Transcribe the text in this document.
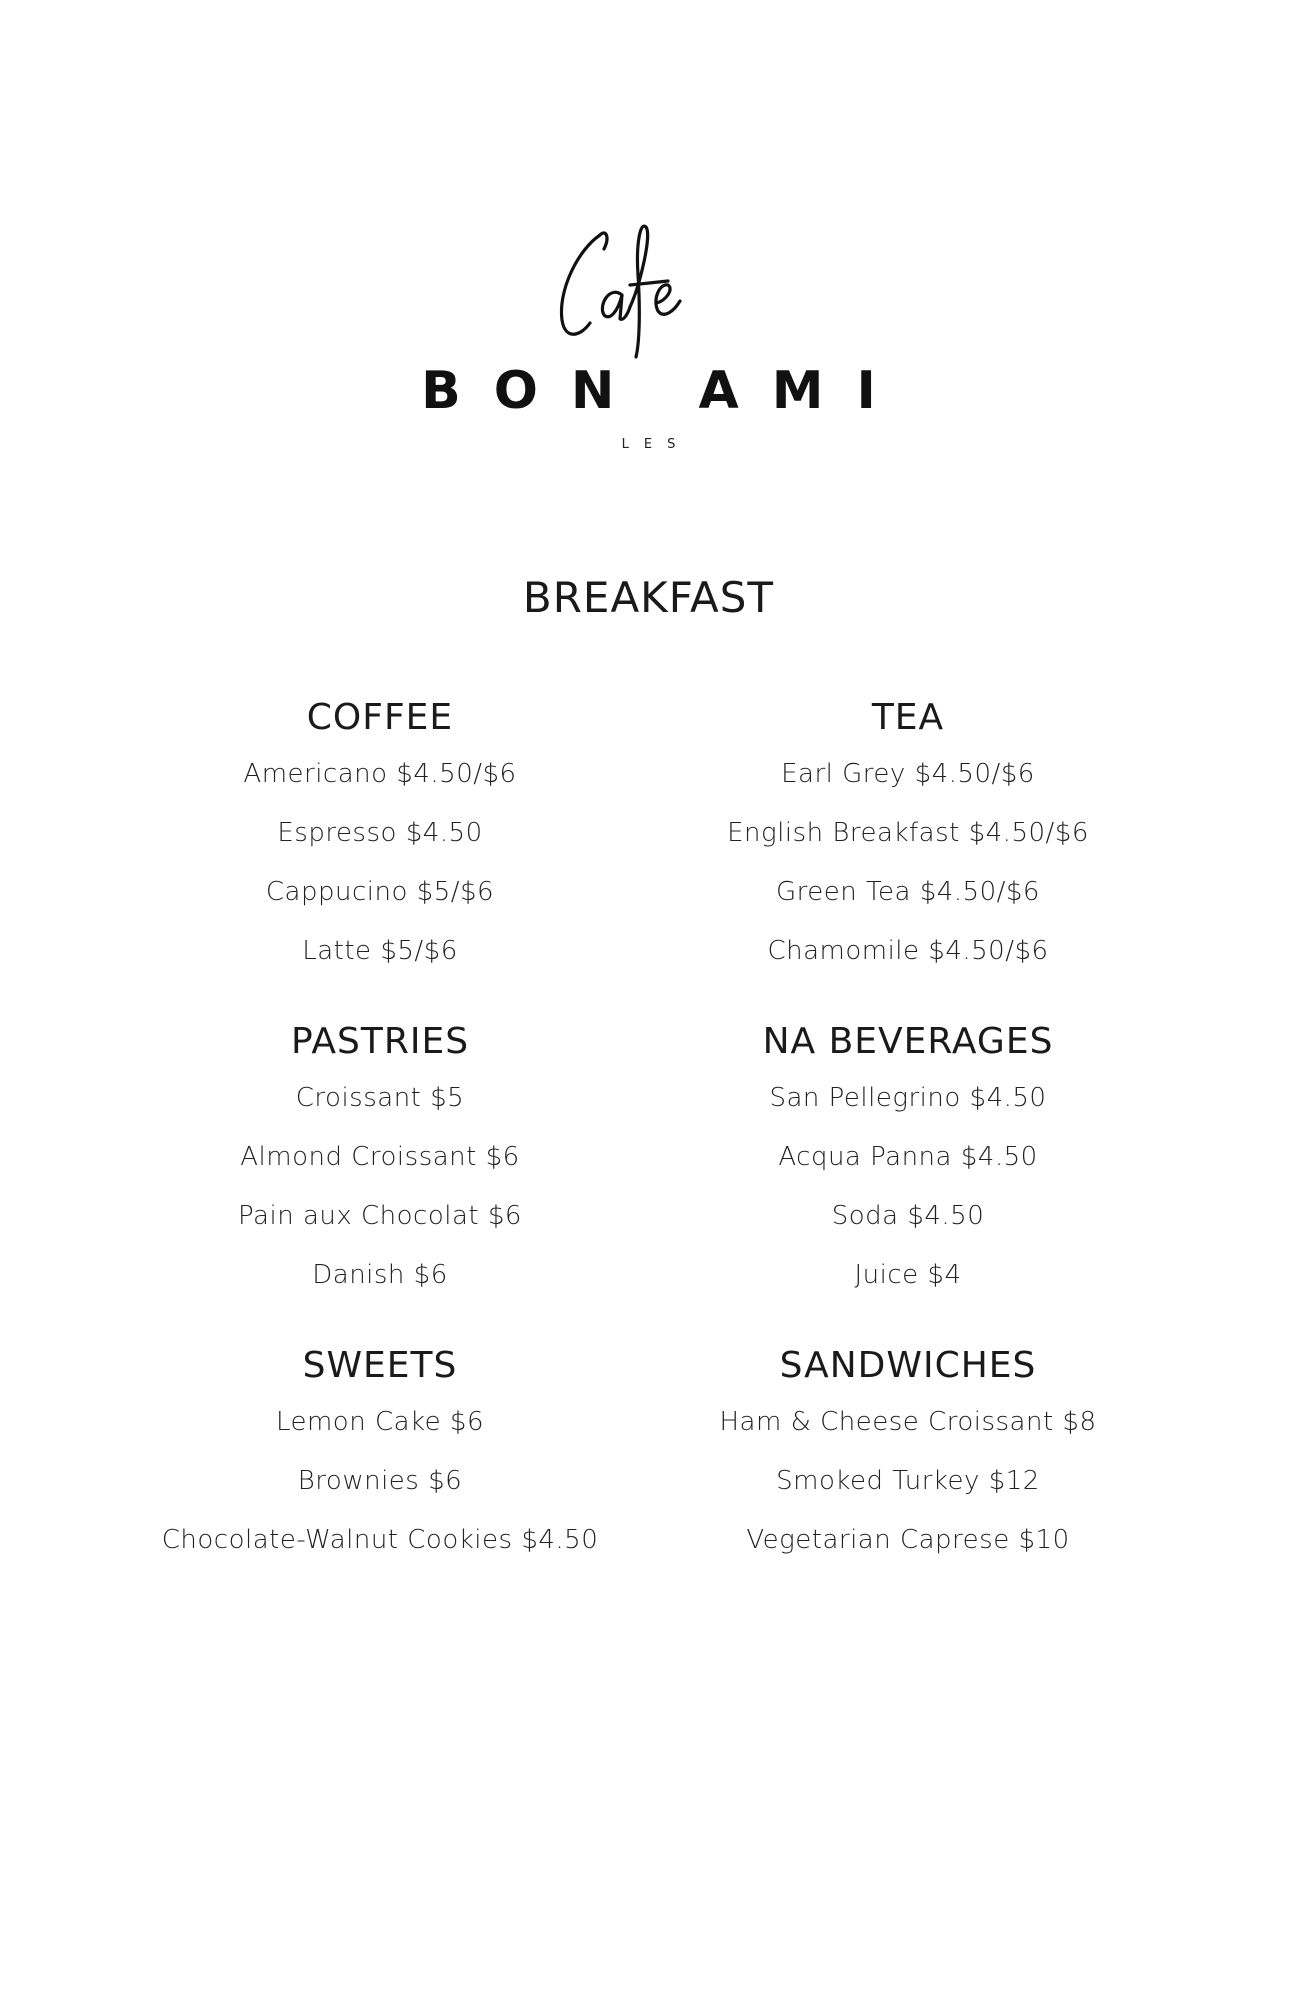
BON AMI
LES
BREAKFAST
COFFEE
Americano $4.50/$6
Espresso $4.50
Cappucino $5/$6
Latte $5/$6
PASTRIES
Croissant $5
Almond Croissant $6
Pain aux Chocolat $6
Danish $6
SWEETS
Lemon Cake $6
Brownies $6
Chocolate-Walnut Cookies $4.50
TEA
Earl Grey $4.50/$6
English Breakfast $4.50/$6
Green Tea $4.50/$6
Chamomile $4.50/$6
NA BEVERAGES
San Pellegrino $4.50
Acqua Panna $4.50
Soda $4.50
Juice $4
SANDWICHES
Ham & Cheese Croissant $8
Smoked Turkey $12
Vegetarian Caprese $10
